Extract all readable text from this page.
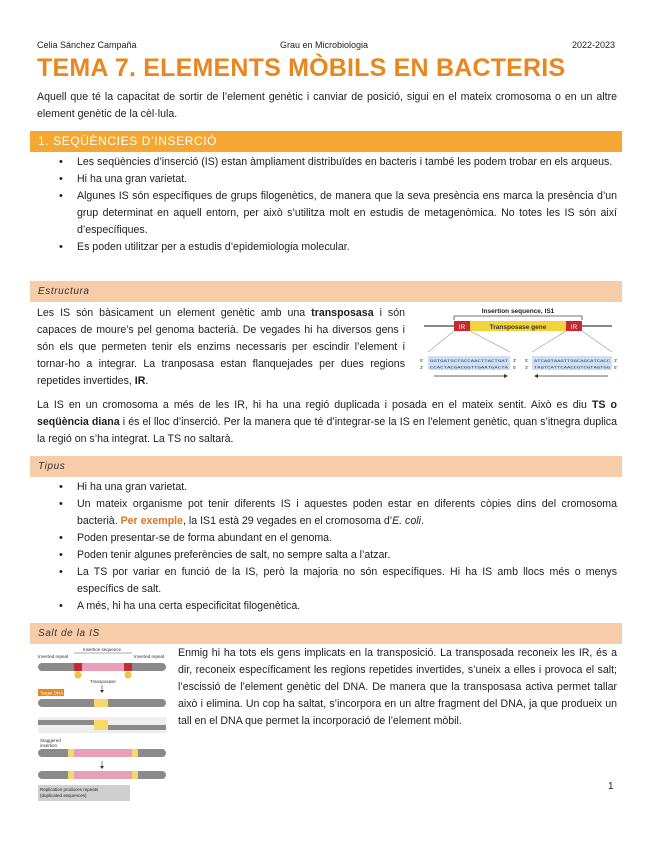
Celia Sánchez Campaña	Grau en Microbiologia	2022-2023
TEMA 7. ELEMENTS MÒBILS EN BACTERIS
Aquell que té la capacitat de sortir de l’element genètic i canviar de posició, sigui en el mateix cromosoma o en un altre element genètic de la cèl·lula.
1. SEQÜÈNCIES D’INSERCIÓ
• Les seqüències d’inserció (IS) estan àmpliament distribuïdes en bacteris i també les podem trobar en els arqueus.
• Hi ha una gran varietat.
• Algunes IS són específiques de grups filogenètics, de manera que la seva presència ens marca la presència d’un grup determinat en aquell entorn, per això s’utilitza molt en estudis de metagenòmica. No totes les IS són així d’específiques.
• Es poden utilitzar per a estudis d’epidemiologia molecular.
Estructura
Les IS són bàsicament un element genètic amb una transposasa i són capaces de moure’s pel genoma bacterià. De vegades hi ha diversos gens i són els que permeten tenir els enzims necessaris per escindir l’element i tornar-ho a integrar. La tranposasa estan flanquejades per dues regions repetides invertides, IR.
Insertion sequence, IS1
IR	Transposase gene	IR
5'	3' 5'	3'
3'	5' 3'	5'
GGTGATGCTGCCAACTTACTGAT
CCACTACGACGGTTGAATGACTA
ATCAGTAAGTTGGCAGCATCACC
TAGTCATTCAACCGTCGTAGTGG
La IS en un cromosoma a més de les IR, hi ha una regió duplicada i posada en el mateix sentit. Això es diu TS o seqüència diana i és el lloc d’inserció. Per la manera que té d’integrar-se la IS en l’element genètic, quan s’itnegra duplica la regió on s’ha integrat. La TS no saltarà.
Tipus
• Hi ha una gran varietat.
• Un mateix organisme pot tenir diferents IS i aquestes poden estar en diferents còpies dins del cromosoma bacterià. Per exemple, la IS1 està 29 vegades en el cromosoma d’E. coli.
• Poden presentar-se de forma abundant en el genoma.
• Poden tenir algunes preferències de salt, no sempre salta a l’atzar.
• La TS por variar en funció de la IS, però la majoria no són específiques. Hi ha IS amb llocs més o menys específics de salt.
• A més, hi ha una certa especificitat filogenètica.
Salt de la IS
Insertion sequence
Inverted repeat	Inverted repeat
Transposase
Target DNA
Staggered
insertion
Replication produces repeats
(duplicated sequences)
Enmig hi ha tots els gens implicats en la transposició. La transposada reconeix les IR, és a dir, reconeix específicament les regions repetides invertides, s’uneix a elles i provoca el salt; l’escissió de l’element genètic del DNA. De manera que la transposasa activa permet tallar això i elimina. Un cop ha saltat, s’incorpora en un altre fragment del DNA, ja que produeix un tall en el DNA que permet la incorporació de l’element mòbil.
1
